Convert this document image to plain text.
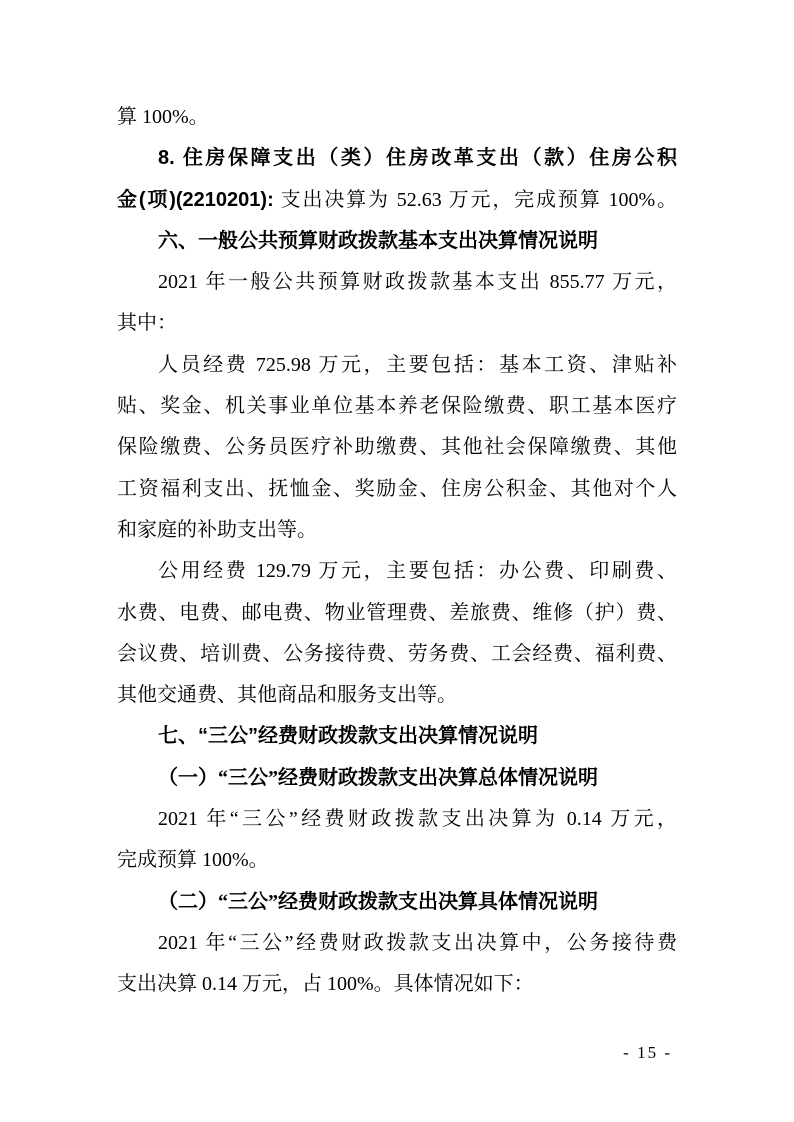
算 100%。
8. 住房保障支出（类）住房改革支出（款）住房公积
金(项)(2210201): 支出决算为 52.63 万元，完成预算 100%。
六、一般公共预算财政拨款基本支出决算情况说明
2021 年一般公共预算财政拨款基本支出 855.77 万元，
其中：
人员经费 725.98 万元，主要包括：基本工资、津贴补
贴、奖金、机关事业单位基本养老保险缴费、职工基本医疗
保险缴费、公务员医疗补助缴费、其他社会保障缴费、其他
工资福利支出、抚恤金、奖励金、住房公积金、其他对个人
和家庭的补助支出等。
公用经费 129.79 万元，主要包括：办公费、印刷费、
水费、电费、邮电费、物业管理费、差旅费、维修（护）费、
会议费、培训费、公务接待费、劳务费、工会经费、福利费、
其他交通费、其他商品和服务支出等。
七、“三公”经费财政拨款支出决算情况说明
（一）“三公”经费财政拨款支出决算总体情况说明
2021 年“三公”经费财政拨款支出决算为 0.14 万元，
完成预算 100%。
（二）“三公”经费财政拨款支出决算具体情况说明
2021 年“三公”经费财政拨款支出决算中，公务接待费
支出决算 0.14 万元，占 100%。具体情况如下：
- 15 -
